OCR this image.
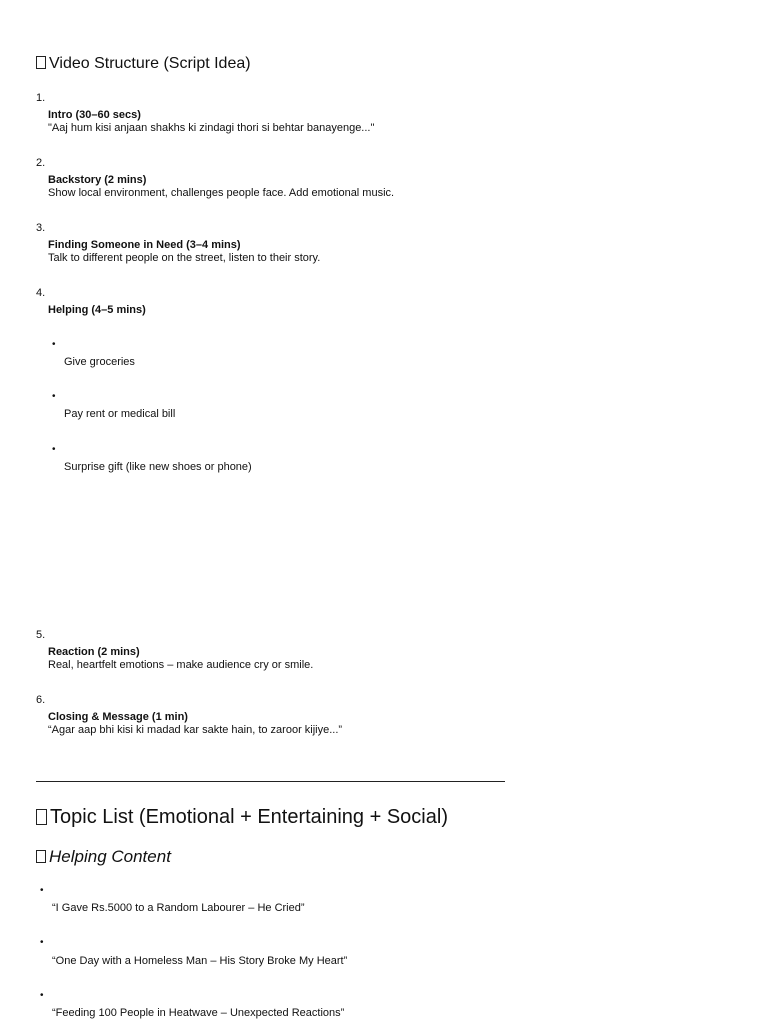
Video Structure (Script Idea)
1.
Intro (30–60 secs)
"Aaj hum kisi anjaan shakhs ki zindagi thori si behtar banayenge..."
2.
Backstory (2 mins)
Show local environment, challenges people face. Add emotional music.
3.
Finding Someone in Need (3–4 mins)
Talk to different people on the street, listen to their story.
4.
Helping (4–5 mins)
•
Give groceries
•
Pay rent or medical bill
•
Surprise gift (like new shoes or phone)
5.
Reaction (2 mins)
Real, heartfelt emotions – make audience cry or smile.
6.
Closing & Message (1 min)
“Agar aap bhi kisi ki madad kar sakte hain, to zaroor kijiye...”
Topic List (Emotional + Entertaining + Social)
Helping Content
•
“I Gave Rs.5000 to a Random Labourer – He Cried”
•
“One Day with a Homeless Man – His Story Broke My Heart”
•
“Feeding 100 People in Heatwave – Unexpected Reactions”
